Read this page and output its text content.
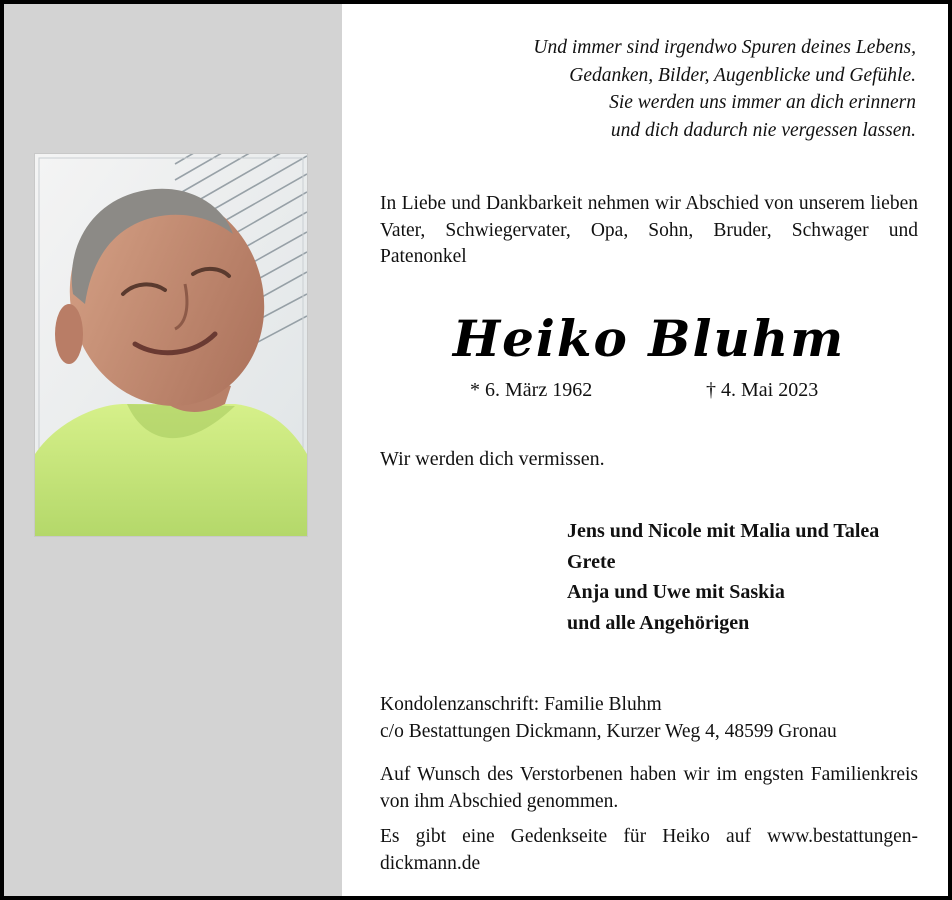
Und immer sind irgendwo Spuren deines Lebens,
Gedanken, Bilder, Augenblicke und Gefühle.
Sie werden uns immer an dich erinnern
und dich dadurch nie vergessen lassen.
In Liebe und Dankbarkeit nehmen wir Abschied von unserem lieben Vater, Schwiegervater, Opa, Sohn, Bruder, Schwager und Patenonkel
Heiko Bluhm
* 6. März 1962	† 4. Mai 2023
Wir werden dich vermissen.
Jens und Nicole mit Malia und Talea
Grete
Anja und Uwe mit Saskia
und alle Angehörigen
Kondolenzanschrift: Familie Bluhm
c/o Bestattungen Dickmann, Kurzer Weg 4, 48599 Gronau
Auf Wunsch des Verstorbenen haben wir im engsten Familienkreis von ihm Abschied genommen.
Es gibt eine Gedenkseite für Heiko auf www.bestattungen-dickmann.de
